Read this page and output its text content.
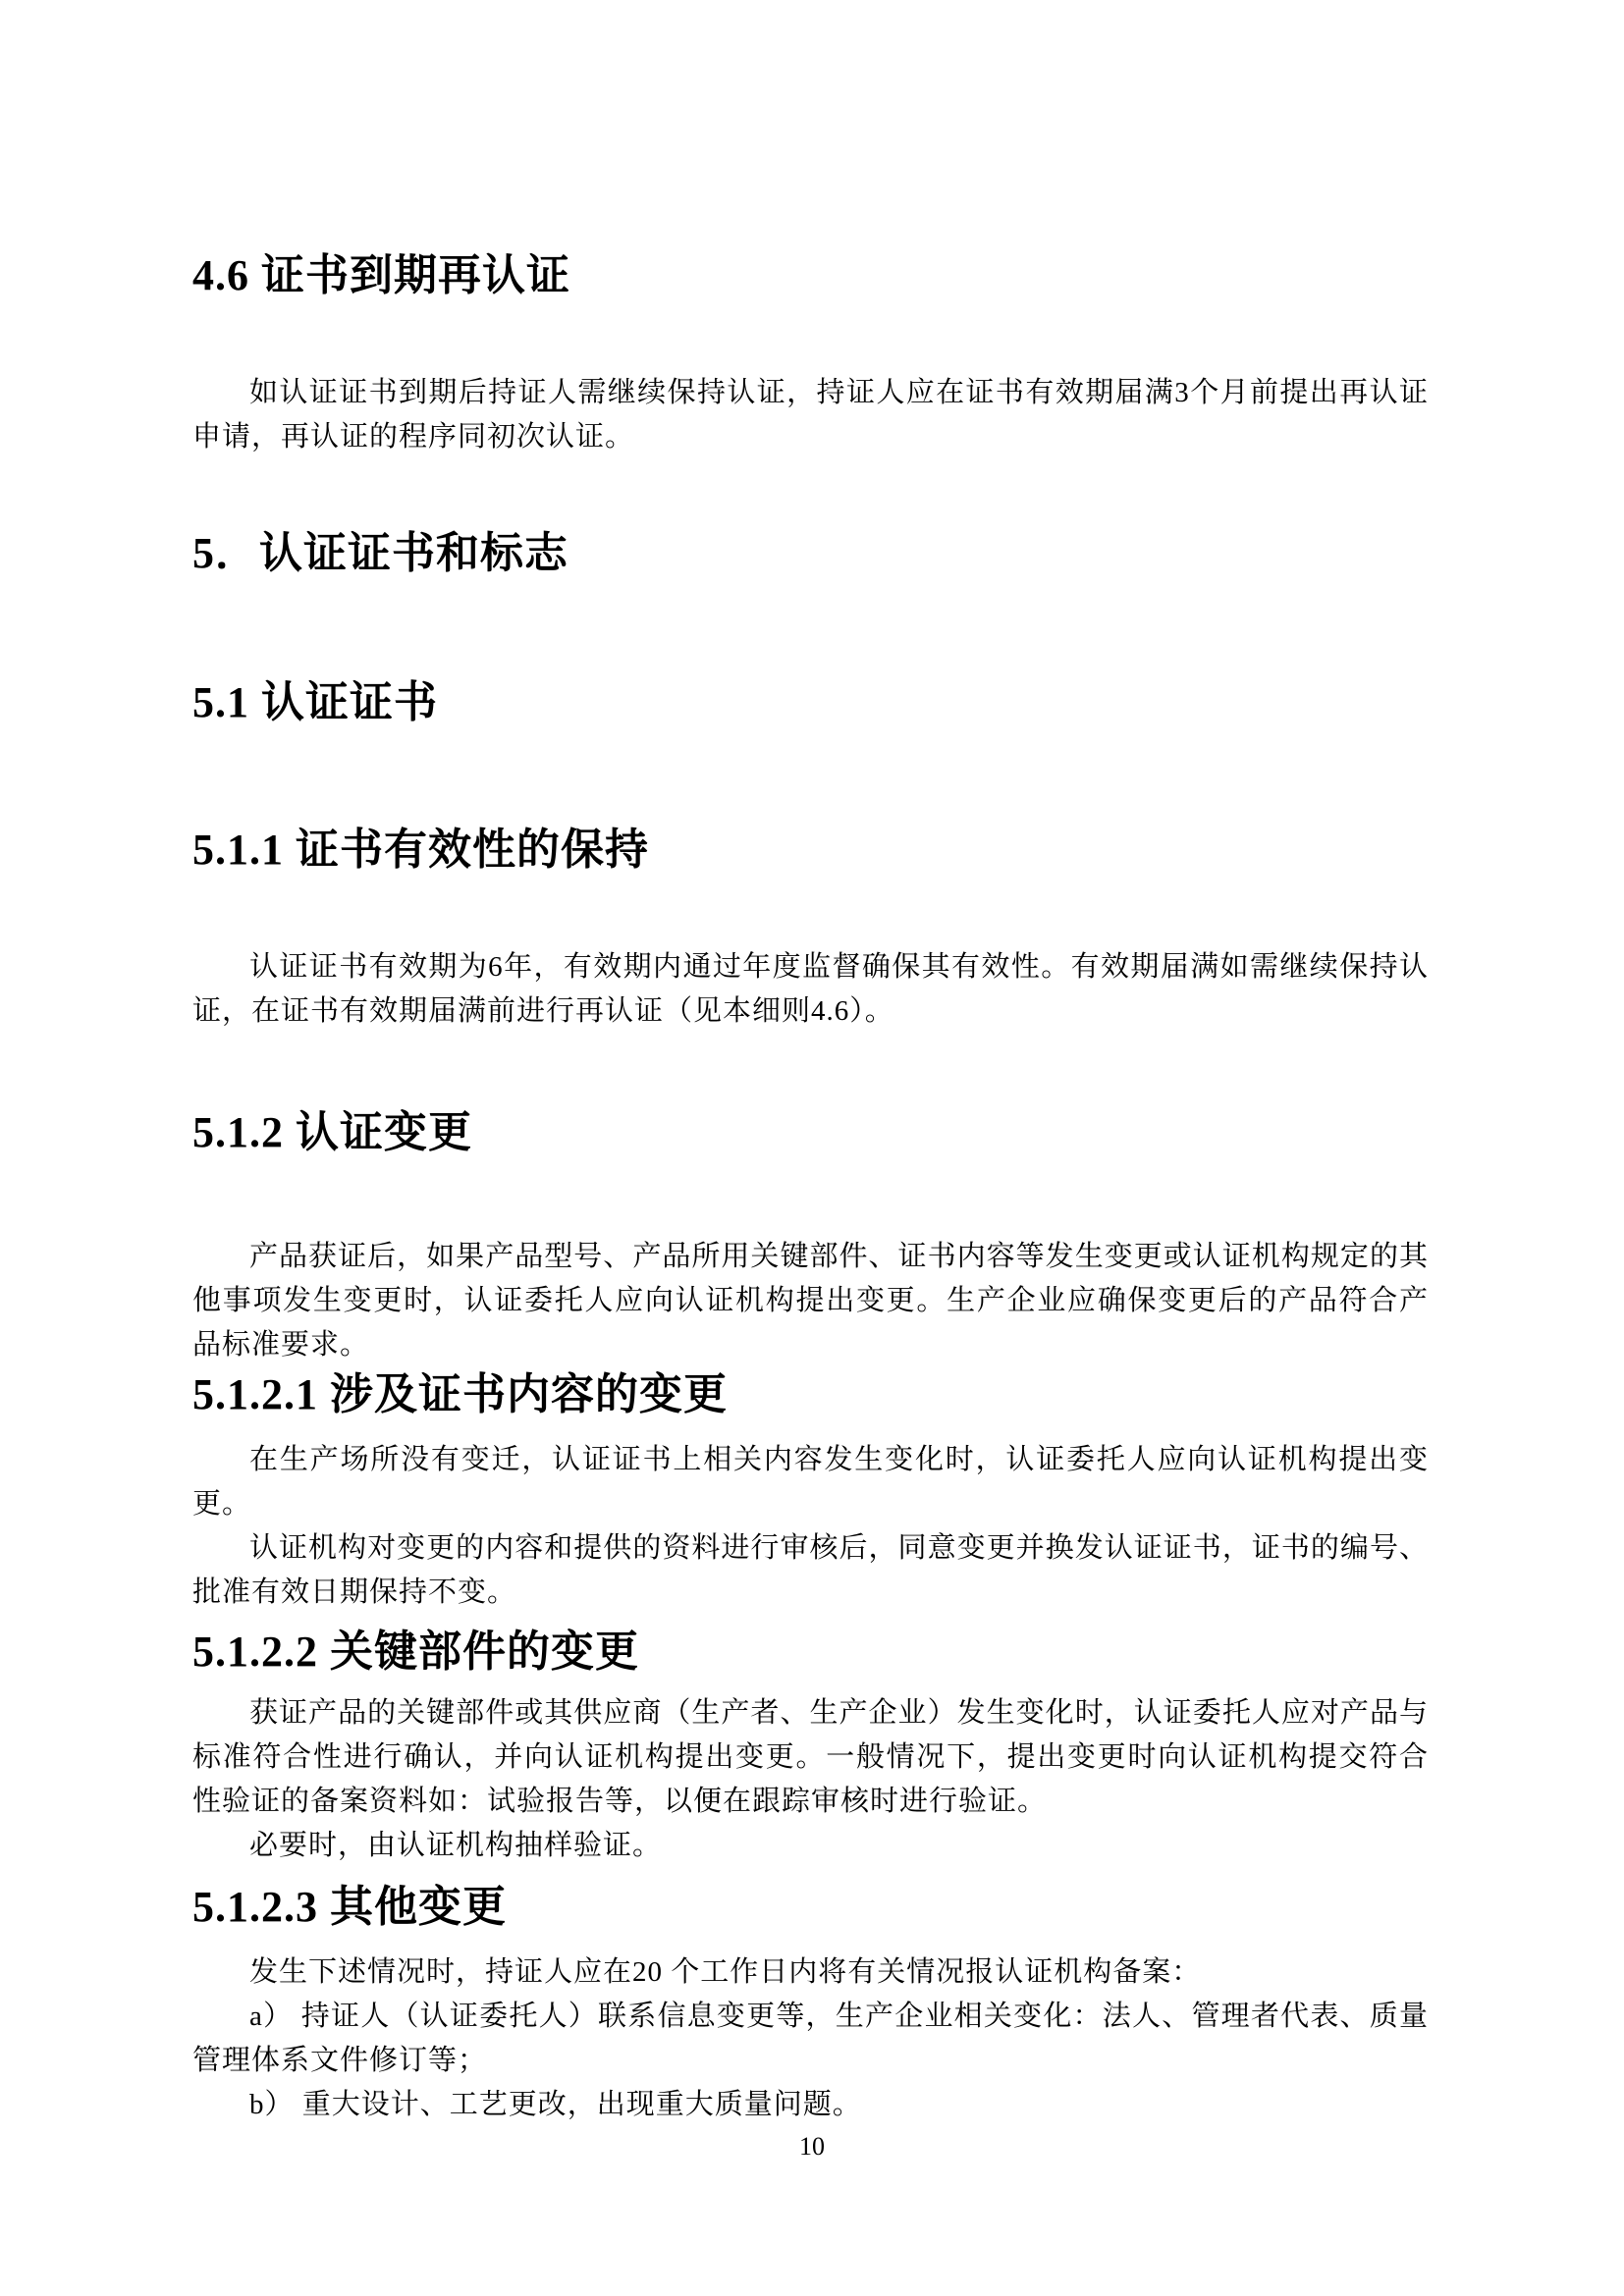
4.6 证书到期再认证

如认证证书到期后持证人需继续保持认证，持证人应在证书有效期届满3个月前提出再认证申请，再认证的程序同初次认证。

5．认证证书和标志
5.1 认证证书
5.1.1 证书有效性的保持

认证证书有效期为6年，有效期内通过年度监督确保其有效性。有效期届满如需继续保持认证，在证书有效期届满前进行再认证（见本细则4.6）。

5.1.2 认证变更

产品获证后，如果产品型号、产品所用关键部件、证书内容等发生变更或认证机构规定的其他事项发生变更时，认证委托人应向认证机构提出变更。生产企业应确保变更后的产品符合产品标准要求。

5.1.2.1 涉及证书内容的变更

在生产场所没有变迁，认证证书上相关内容发生变化时，认证委托人应向认证机构提出变更。

认证机构对变更的内容和提供的资料进行审核后，同意变更并换发认证证书，证书的编号、批准有效日期保持不变。

5.1.2.2 关键部件的变更

获证产品的关键部件或其供应商（生产者、生产企业）发生变化时，认证委托人应对产品与标准符合性进行确认，并向认证机构提出变更。一般情况下，提出变更时向认证机构提交符合性验证的备案资料如：试验报告等，以便在跟踪审核时进行验证。

必要时，由认证机构抽样验证。

5.1.2.3 其他变更

发生下述情况时，持证人应在20 个工作日内将有关情况报认证机构备案：

a） 持证人（认证委托人）联系信息变更等，生产企业相关变化：法人、管理者代表、质量管理体系文件修订等；

b） 重大设计、工艺更改，出现重大质量问题。

10
